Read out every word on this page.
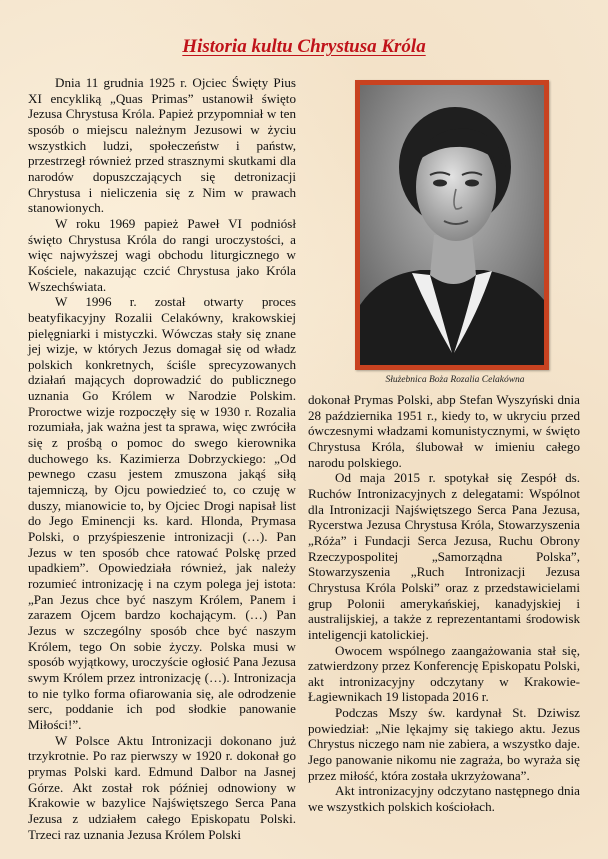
Historia kultu Chrystusa Króla

Dnia 11 grudnia 1925 r. Ojciec Święty Pius XI encykliką „Quas Primas” ustanowił święto Jezusa Chrystusa Króla. Papież przypomniał w ten sposób o miejscu należnym Jezusowi w życiu wszystkich ludzi, społeczeństw i państw, przestrzegł również przed strasznymi skutkami dla narodów dopuszczających się detronizacji Chrystusa i nieliczenia się z Nim w prawach stanowionych.

W roku 1969 papież Paweł VI podniósł święto Chrystusa Króla do rangi uroczystości, a więc najwyższej wagi obchodu liturgicznego w Kościele, nakazując czcić Chrystusa jako Króla Wszechświata.

W 1996 r. został otwarty proces beatyfikacyjny Rozalii Celakówny, krakowskiej pielęgniarki i mistyczki. Wówczas stały się znane jej wizje, w których Jezus domagał się od władz polskich konkretnych, ściśle sprecyzowanych działań mających doprowadzić do publicznego uznania Go Królem w Narodzie Polskim. Proroctwe wizje rozpoczęły się w 1930 r. Rozalia rozumiała, jak ważna jest ta sprawa, więc zwróciła się z prośbą o pomoc do swego kierownika duchowego ks. Kazimierza Dobrzyckiego: „Od pewnego czasu jestem zmuszona jakąś siłą tajemniczą, by Ojcu powiedzieć to, co czuję w duszy, mianowicie to, by Ojciec Drogi napisał list do Jego Eminencji ks. kard. Hlonda, Prymasa Polski, o przyśpieszenie intronizacji (…). Pan Jezus w ten sposób chce ratować Polskę przed upadkiem”. Opowiedziała również, jak należy rozumieć intronizację i na czym polega jej istota: „Pan Jezus chce być naszym Królem, Panem i zarazem Ojcem bardzo kochającym. (…) Pan Jezus w szczególny sposób chce być naszym Królem, tego On sobie życzy. Polska musi w sposób wyjątkowy, uroczyście ogłosić Pana Jezusa swym Królem przez intronizację (…). Intronizacja to nie tylko forma ofiarowania się, ale odrodzenie serc, poddanie ich pod słodkie panowanie Miłości!”.

W Polsce Aktu Intronizacji dokonano już trzykrotnie. Po raz pierwszy w 1920 r. dokonał go prymas Polski kard. Edmund Dalbor na Jasnej Górze. Akt został rok później odnowiony w Krakowie w bazylice Najświętszego Serca Pana Jezusa z udziałem całego Episkopatu Polski. Trzeci raz uznania Jezusa Królem Polski

Służebnica Boża Rozalia Celakówna

dokonał Prymas Polski, abp Stefan Wyszyński dnia 28 października 1951 r., kiedy to, w ukryciu przed ówczesnymi władzami komunistycznymi, w święto Chrystusa Króla, ślubował w imieniu całego narodu polskiego.

Od maja 2015 r. spotykał się Zespół ds. Ruchów Intronizacyjnych z delegatami: Wspólnot dla Intronizacji Najświętszego Serca Pana Jezusa, Rycerstwa Jezusa Chrystusa Króla, Stowarzyszenia „Róża” i Fundacji Serca Jezusa, Ruchu Obrony Rzeczypospolitej „Samorządna Polska”, Stowarzyszenia „Ruch Intronizacji Jezusa Chrystusa Króla Polski” oraz z przedstawicielami grup Polonii amerykańskiej, kanadyjskiej i australijskiej, a także z reprezentantami środowisk inteligencji katolickiej.

Owocem wspólnego zaangażowania stał się, zatwierdzony przez Konferencję Episkopatu Polski, akt intronizacyjny odczytany w Krakowie-Łagiewnikach 19 listopada 2016 r.

Podczas Mszy św. kardynał St. Dziwisz powiedział: „Nie lękajmy się takiego aktu. Jezus Chrystus niczego nam nie zabiera, a wszystko daje. Jego panowanie nikomu nie zagraża, bo wyraża się przez miłość, która została ukrzyżowana”.

Akt intronizacyjny odczytano następnego dnia we wszystkich polskich kościołach.
